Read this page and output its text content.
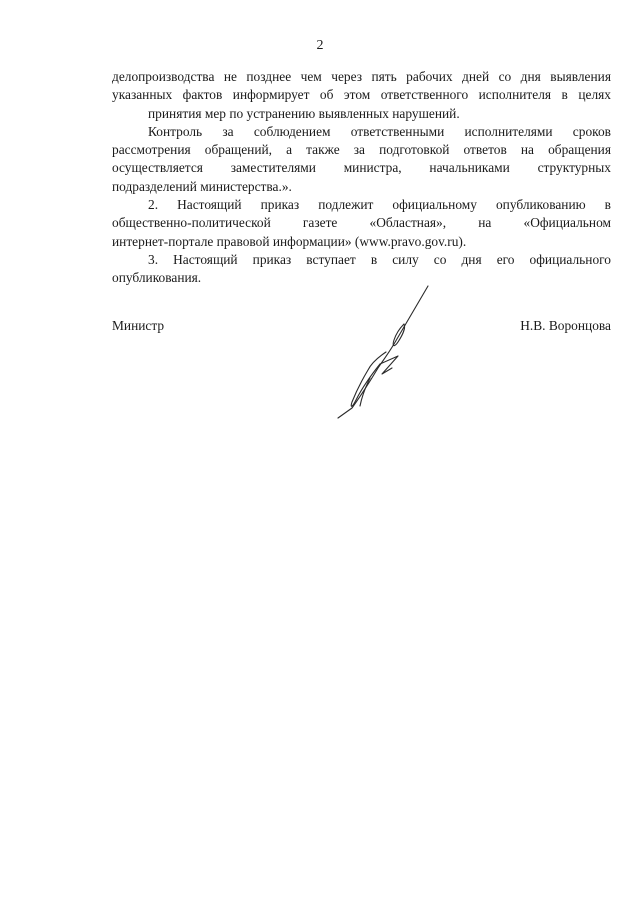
2
делопроизводства не позднее чем через пять рабочих дней со дня выявления
указанных фактов информирует об этом ответственного исполнителя в целях
принятия мер по устранению выявленных нарушений.
Контроль за соблюдением ответственными исполнителями сроков
рассмотрения обращений, а также за подготовкой ответов на обращения
осуществляется заместителями министра, начальниками структурных
подразделений министерства.».
2. Настоящий приказ подлежит официальному опубликованию в
общественно-политической газете «Областная», на «Официальном
интернет-портале правовой информации» (www.pravo.gov.ru).
3. Настоящий приказ вступает в силу со дня его официального
опубликования.
Министр	Н.В. Воронцова
